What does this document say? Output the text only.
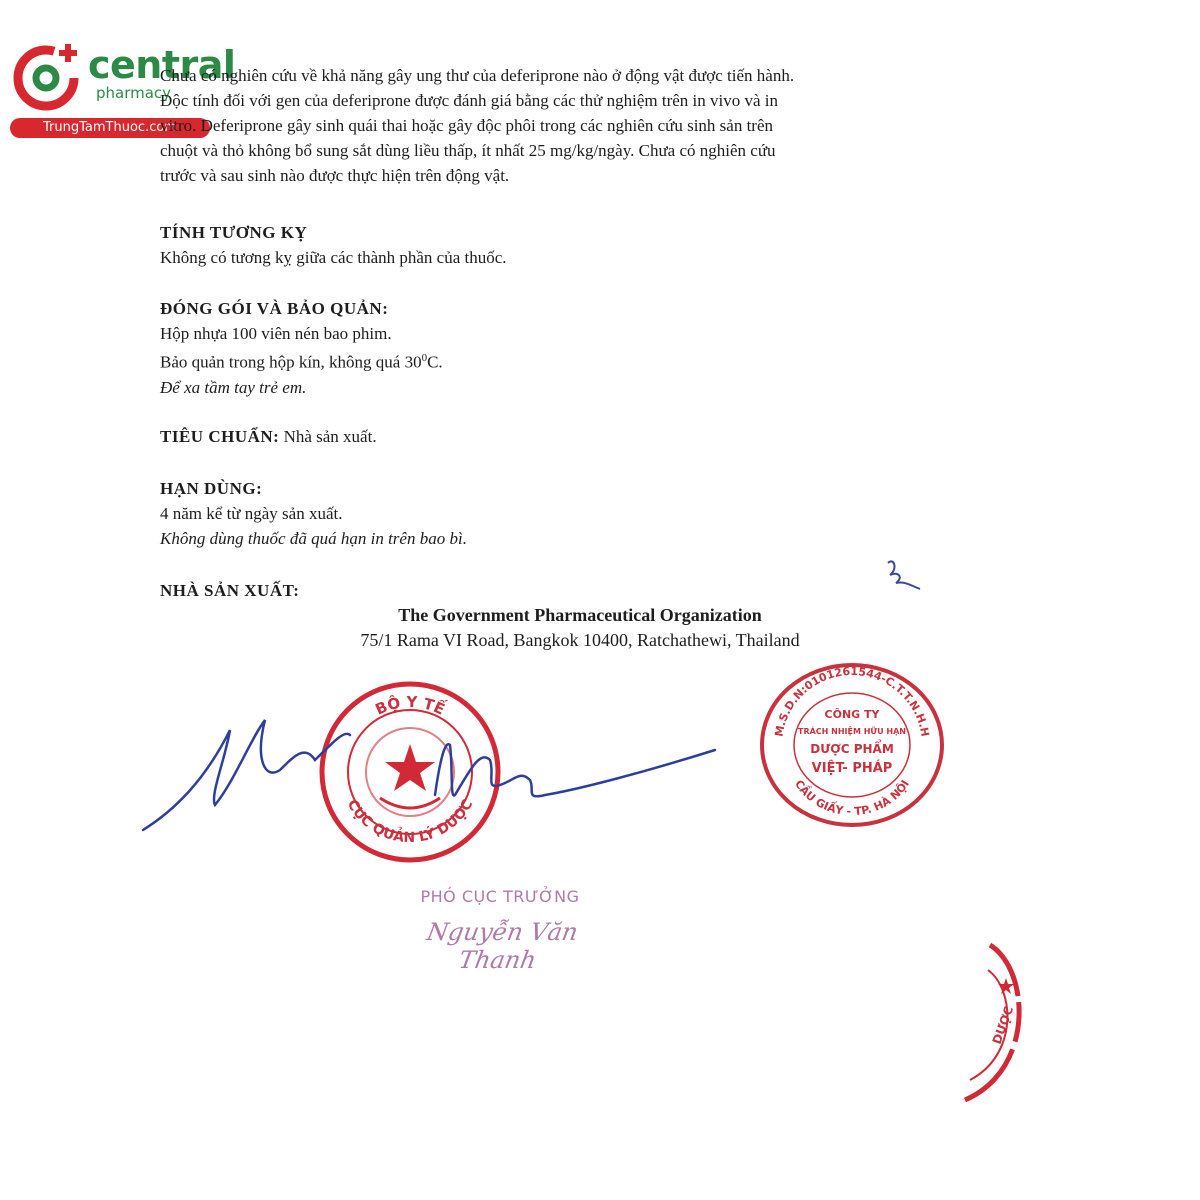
central
pharmacy
TrungTamThuoc.com
Chưa có nghiên cứu về khả năng gây ung thư của deferiprone nào ở động vật được tiến hành.
Độc tính đối với gen của deferiprone được đánh giá bằng các thử nghiệm trên in vivo và in
vitro. Deferiprone gây sinh quái thai hoặc gây độc phôi trong các nghiên cứu sinh sản trên
chuột và thỏ không bổ sung sắt dùng liều thấp, ít nhất 25 mg/kg/ngày. Chưa có nghiên cứu
trước và sau sinh nào được thực hiện trên động vật.
TÍNH TƯƠNG KỴ
Không có tương kỵ giữa các thành phần của thuốc.
ĐÓNG GÓI VÀ BẢO QUẢN:
Hộp nhựa 100 viên nén bao phim.
Bảo quản trong hộp kín, không quá $30^0C$.
Để xa tầm tay trẻ em.
TIÊU CHUẨN: Nhà sản xuất.
HẠN DÙNG:
4 năm kể từ ngày sản xuất.
Không dùng thuốc đã quá hạn in trên bao bì.
NHÀ SẢN XUẤT:
The Government Pharmaceutical Organization
75/1 Rama VI Road, Bangkok 10400, Ratchathewi, Thailand
BỘ Y TẾ
CỤC QUẢN LÝ DƯỢC
M.S.D.N:0101261544-C.T.T.N.H.H
CẦU GIẤY - TP. HÀ NỘI
CÔNG TY
TRÁCH NHIỆM HỮU HẠN
DƯỢC PHẨM
VIỆT- PHÁP
PHÓ CỤC TRƯỞNG
Nguyễn Văn Thanh
DƯỢC
